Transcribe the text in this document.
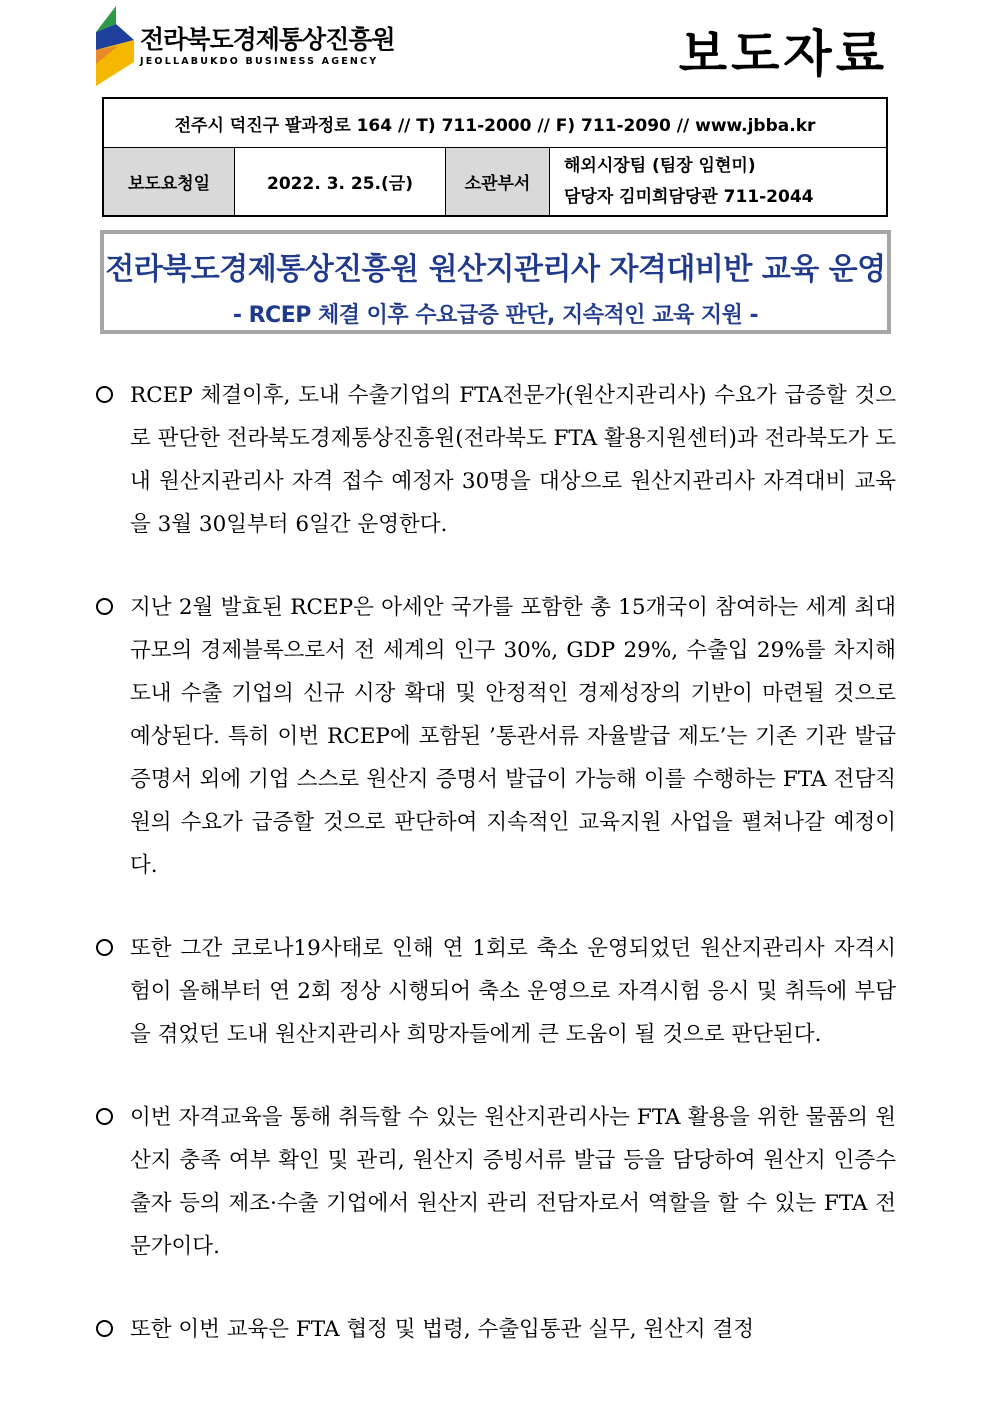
전라북도경제통상진흥원
JEOLLABUKDO BUSINESS AGENCY	보도자료
전주시 덕진구 팔과정로 164 // T) 711-2000 // F) 711-2090 // www.jbba.kr
보도요청일	2022. 3. 25.(금)	소관부서
해외시장팀 (팀장 임현미)
담당자 김미희담당관 711-2044
전라북도경제통상진흥원 원산지관리사 자격대비반 교육 운영
- RCEP 체결 이후 수요급증 판단, 지속적인 교육 지원 -
RCEP 체결이후, 도내 수출기업의 FTA전문가(원산지관리사) 수요가 급증할 것으로 판단한 전라북도경제통상진흥원(전라북도 FTA 활용지원센터)과 전라북도가 도내 원산지관리사 자격 접수 예정자 30명을 대상으로 원산지관리사 자격대비 교육을 3월 30일부터 6일간 운영한다.
지난 2월 발효된 RCEP은 아세안 국가를 포함한 총 15개국이 참여하는 세계 최대 규모의 경제블록으로서 전 세계의 인구 30%, GDP 29%, 수출입 29%를 차지해 도내 수출 기업의 신규 시장 확대 및 안정적인 경제성장의 기반이 마련될 것으로 예상된다. 특히 이번 RCEP에 포함된 ’통관서류 자율발급 제도’는 기존 기관 발급 증명서 외에 기업 스스로 원산지 증명서 발급이 가능해 이를 수행하는 FTA 전담직원의 수요가 급증할 것으로 판단하여 지속적인 교육지원 사업을 펼쳐나갈 예정이다.
또한 그간 코로나19사태로 인해 연 1회로 축소 운영되었던 원산지관리사 자격시험이 올해부터 연 2회 정상 시행되어 축소 운영으로 자격시험 응시 및 취득에 부담을 겪었던 도내 원산지관리사 희망자들에게 큰 도움이 될 것으로 판단된다.
이번 자격교육을 통해 취득할 수 있는 원산지관리사는 FTA 활용을 위한 물품의 원산지 충족 여부 확인 및 관리, 원산지 증빙서류 발급 등을 담당하여 원산지 인증수출자 등의 제조·수출 기업에서 원산지 관리 전담자로서 역할을 할 수 있는 FTA 전문가이다.
또한 이번 교육은 FTA 협정 및 법령, 수출입통관 실무, 원산지 결정
